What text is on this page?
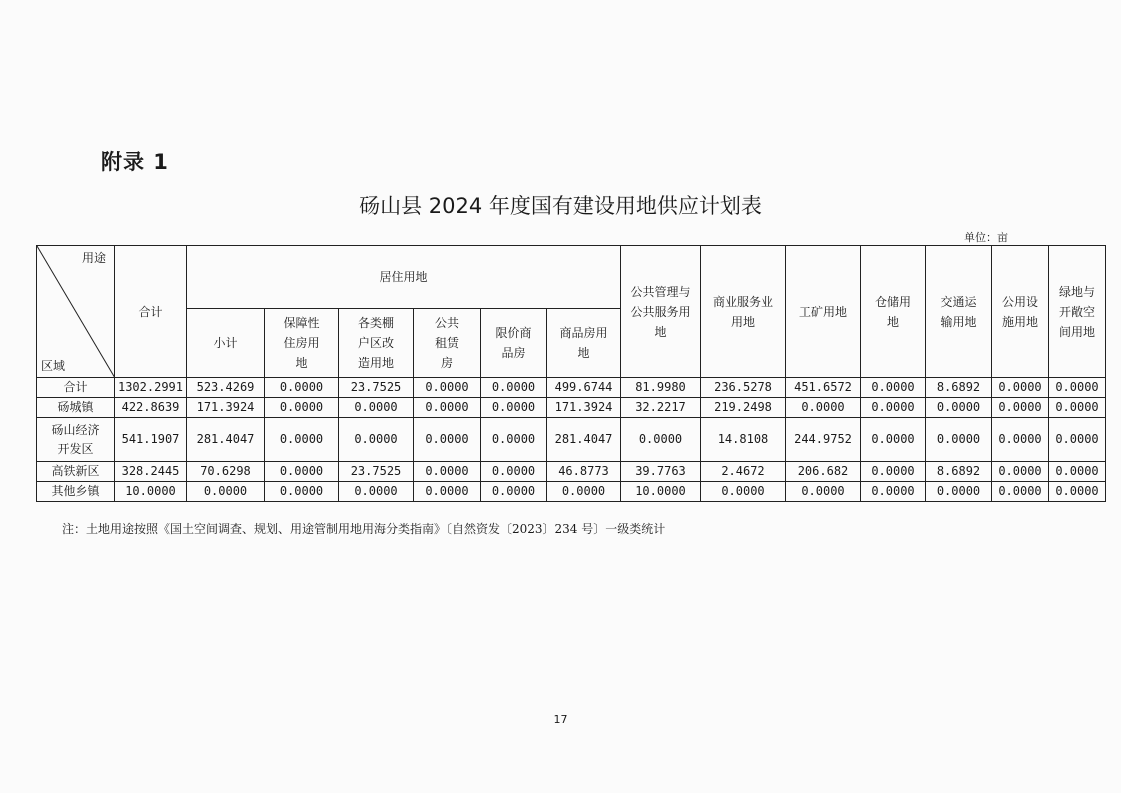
附录 1
砀山县 2024 年度国有建设用地供应计划表
单位：亩
用途
区域	合计	居住用地						公共管理与公共服务用地	商业服务业用地	工矿用地	仓储用地	交通运输用地	公用设施用地	绿地与开敞空间用地

		小计	保障性住房用地	各类棚户区改造用地	公共租赁房	限价商品房	商品房用地							

合计	1302.2991	523.4269	0.0000	23.7525	0.0000	0.0000	499.6744	81.9980	236.5278	451.6572	0.0000	8.6892	0.0000	0.0000
砀城镇	422.8639	171.3924	0.0000	0.0000	0.0000	0.0000	171.3924	32.2217	219.2498	0.0000	0.0000	0.0000	0.0000	0.0000
砀山经济开发区	541.1907	281.4047	0.0000	0.0000	0.0000	0.0000	281.4047	0.0000	14.8108	244.9752	0.0000	0.0000	0.0000	0.0000
高铁新区	328.2445	70.6298	0.0000	23.7525	0.0000	0.0000	46.8773	39.7763	2.4672	206.682	0.0000	8.6892	0.0000	0.0000
其他乡镇	10.0000	0.0000	0.0000	0.0000	0.0000	0.0000	0.0000	10.0000	0.0000	0.0000	0.0000	0.0000	0.0000	0.0000
注：土地用途按照《国土空间调查、规划、用途管制用地用海分类指南》〔自然资发〔2023〕234 号〕一级类统计
17
